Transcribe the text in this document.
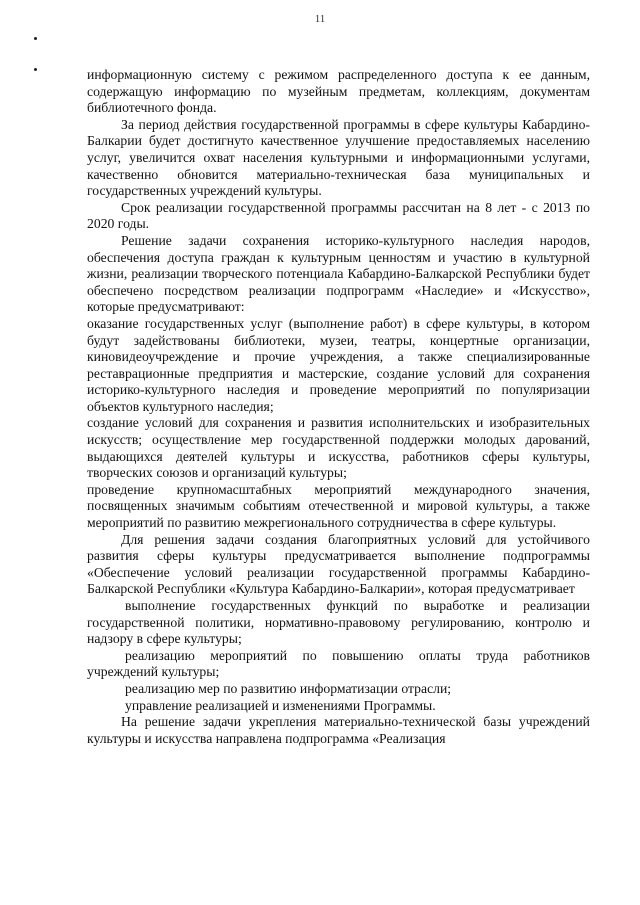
11

информационную систему с режимом распределенного доступа к ее данным, содержащую информацию по музейным предметам, коллекциям, документам библиотечного фонда.

За период действия государственной программы в сфере культуры Кабардино-Балкарии будет достигнуто качественное улучшение предоставляемых населению услуг, увеличится охват населения культурными и информационными услугами, качественно обновится материально-техническая база муниципальных и государственных учреждений культуры.

Срок реализации государственной программы рассчитан на 8 лет - с 2013 по 2020 годы.

Решение задачи сохранения историко-культурного наследия народов, обеспечения доступа граждан к культурным ценностям и участию в культурной жизни, реализации творческого потенциала Кабардино-Балкарской Республики будет обеспечено посредством реализации подпрограмм «Наследие» и «Искусство», которые предусматривают:

оказание государственных услуг (выполнение работ) в сфере культуры, в котором будут задействованы библиотеки, музеи, театры, концертные организации, киновидеоучреждение и прочие учреждения, а также специализированные реставрационные предприятия и мастерские, создание условий для сохранения историко-культурного наследия и проведение мероприятий по популяризации объектов культурного наследия;

создание условий для сохранения и развития исполнительских и изобразительных искусств; осуществление мер государственной поддержки молодых дарований, выдающихся деятелей культуры и искусства, работников сферы культуры, творческих союзов и организаций культуры;

проведение крупномасштабных мероприятий международного значения, посвященных значимым событиям отечественной и мировой культуры, а также мероприятий по развитию межрегионального сотрудничества в сфере культуры.

Для решения задачи создания благоприятных условий для устойчивого развития сферы культуры предусматривается выполнение подпрограммы «Обеспечение условий реализации государственной программы Кабардино-Балкарской Республики «Культура Кабардино-Балкарии», которая предусматривает

выполнение государственных функций по выработке и реализации государственной политики, нормативно-правовому регулированию, контролю и надзору в сфере культуры;

реализацию мероприятий по повышению оплаты труда работников учреждений культуры;

реализацию мер по развитию информатизации отрасли;

управление реализацией и изменениями Программы.

На решение задачи укрепления материально-технической базы учреждений культуры и искусства направлена подпрограмма «Реализация
